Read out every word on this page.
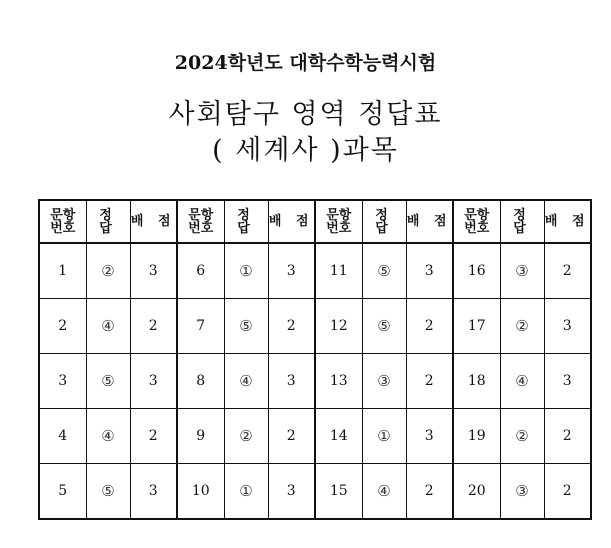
2024학년도 대학수학능력시험
사회탐구 영역 정답표
( 세계사 )과목
문항
번호	정 답	배 점	문항
번호	정 답	배 점	문항
번호	정 답	배 점	문항
번호	정 답	배 점
1	②	3	6	①	3	11	⑤	3	16	③	2
2	④	2	7	⑤	2	12	⑤	2	17	②	3
3	⑤	3	8	④	3	13	③	2	18	④	3
4	④	2	9	②	2	14	①	3	19	②	2
5	⑤	3	10	①	3	15	④	2	20	③	2
